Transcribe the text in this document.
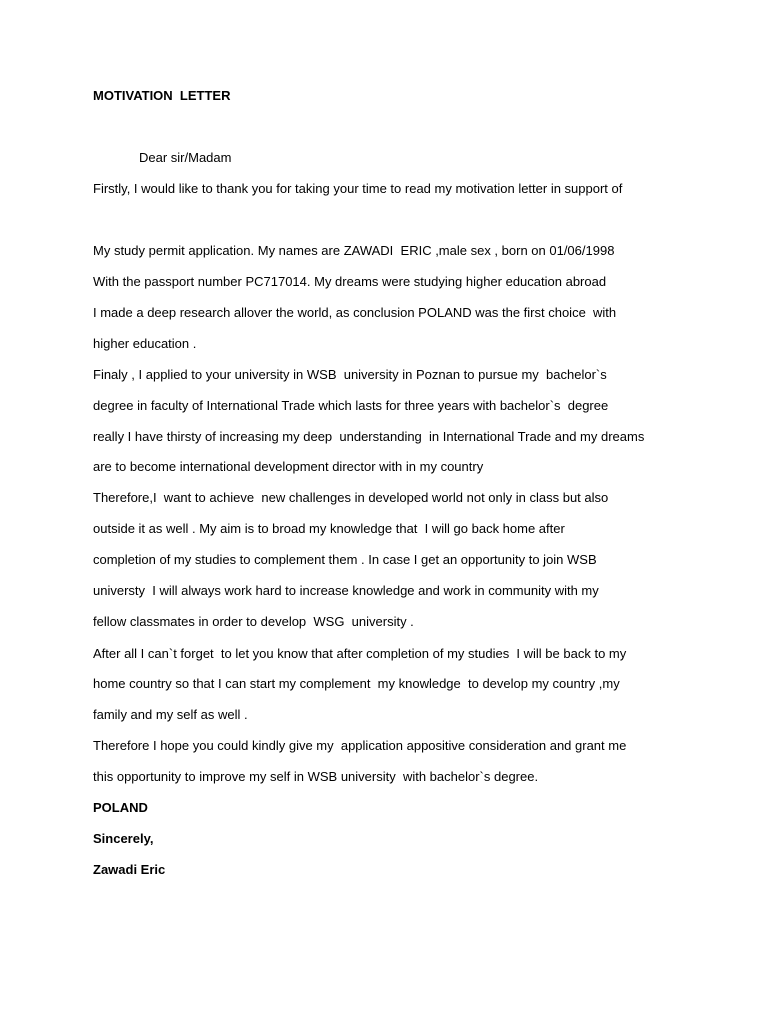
MOTIVATION  LETTER
Dear sir/Madam
Firstly, I would like to thank you for taking your time to read my motivation letter in support of
My study permit application. My names are ZAWADI  ERIC ,male sex , born on 01/06/1998
With the passport number PC717014. My dreams were studying higher education abroad
I made a deep research allover the world, as conclusion POLAND was the first choice  with
higher education .
Finaly , I applied to your university in WSB  university in Poznan to pursue my  bachelor`s
degree in faculty of International Trade which lasts for three years with bachelor`s  degree
really I have thirsty of increasing my deep  understanding  in International Trade and my dreams
are to become international development director with in my country
Therefore,I  want to achieve  new challenges in developed world not only in class but also
outside it as well . My aim is to broad my knowledge that  I will go back home after
completion of my studies to complement them . In case I get an opportunity to join WSB
universty  I will always work hard to increase knowledge and work in community with my
fellow classmates in order to develop  WSG  university .
After all I can`t forget  to let you know that after completion of my studies  I will be back to my
home country so that I can start my complement  my knowledge  to develop my country ,my
family and my self as well .
Therefore I hope you could kindly give my  application appositive consideration and grant me
this opportunity to improve my self in WSB university  with bachelor`s degree.
POLAND
Sincerely,
Zawadi Eric
